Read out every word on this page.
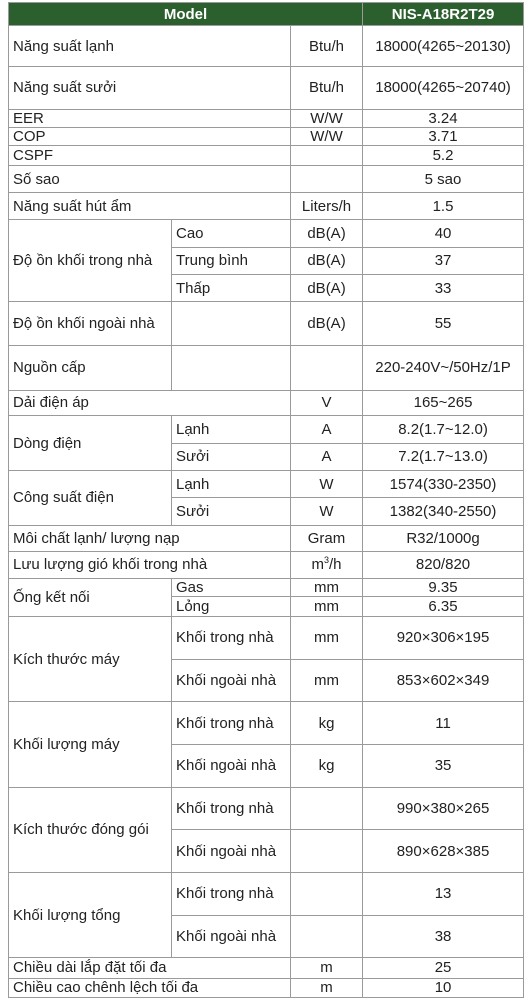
Model			NIS-A18R2T29
Năng suất lạnh		Btu/h	18000(4265~20130)
Năng suất sưởi		Btu/h	18000(4265~20740)
EER		W/W	3.24
COP		W/W	3.71
CSPF			5.2
Số sao			5 sao
Năng suất hút ẩm		Liters/h	1.5
Độ ồn khối trong nhà	Cao	dB(A)	40
	Trung bình	dB(A)	37
	Thấp	dB(A)	33
Độ ồn khối ngoài nhà		dB(A)	55
Nguồn cấp			220-240V~/50Hz/1P
Dải điện áp		V	165~265
Dòng điện	Lạnh	A	8.2(1.7~12.0)
	Sưởi	A	7.2(1.7~13.0)
Công suất điện	Lạnh	W	1574(330-2350)
	Sưởi	W	1382(340-2550)
Môi chất lạnh/ lượng nạp		Gram	R32/1000g
Lưu lượng gió khối trong nhà		$m^3/h$	820/820
Ống kết nối	Gas	mm	9.35
	Lỏng	mm	6.35
Kích thước máy	Khối trong nhà	mm	920×306×195
	Khối ngoài nhà	mm	853×602×349
Khối lượng máy	Khối trong nhà	kg	11
	Khối ngoài nhà	kg	35
Kích thước đóng gói	Khối trong nhà		990×380×265
	Khối ngoài nhà		890×628×385
Khối lượng tổng	Khối trong nhà		13
	Khối ngoài nhà		38
Chiều dài lắp đặt tối đa		m	25
Chiều cao chênh lệch tối đa		m	10
